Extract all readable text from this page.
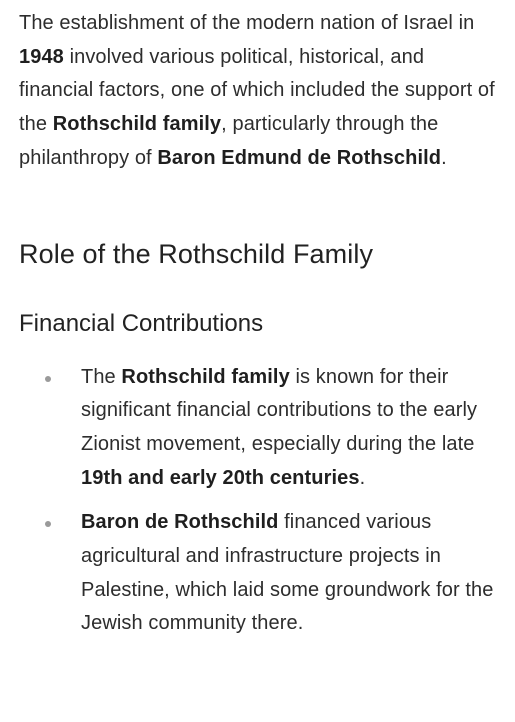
The establishment of the modern nation of Israel in 1948 involved various political, historical, and financial factors, one of which included the support of the Rothschild family, particularly through the philanthropy of Baron Edmund de Rothschild.

Role of the Rothschild Family
Financial Contributions
The Rothschild family is known for their significant financial contributions to the early Zionist movement, especially during the late 19th and early 20th centuries.
Baron de Rothschild financed various agricultural and infrastructure projects in Palestine, which laid some groundwork for the Jewish community there.
